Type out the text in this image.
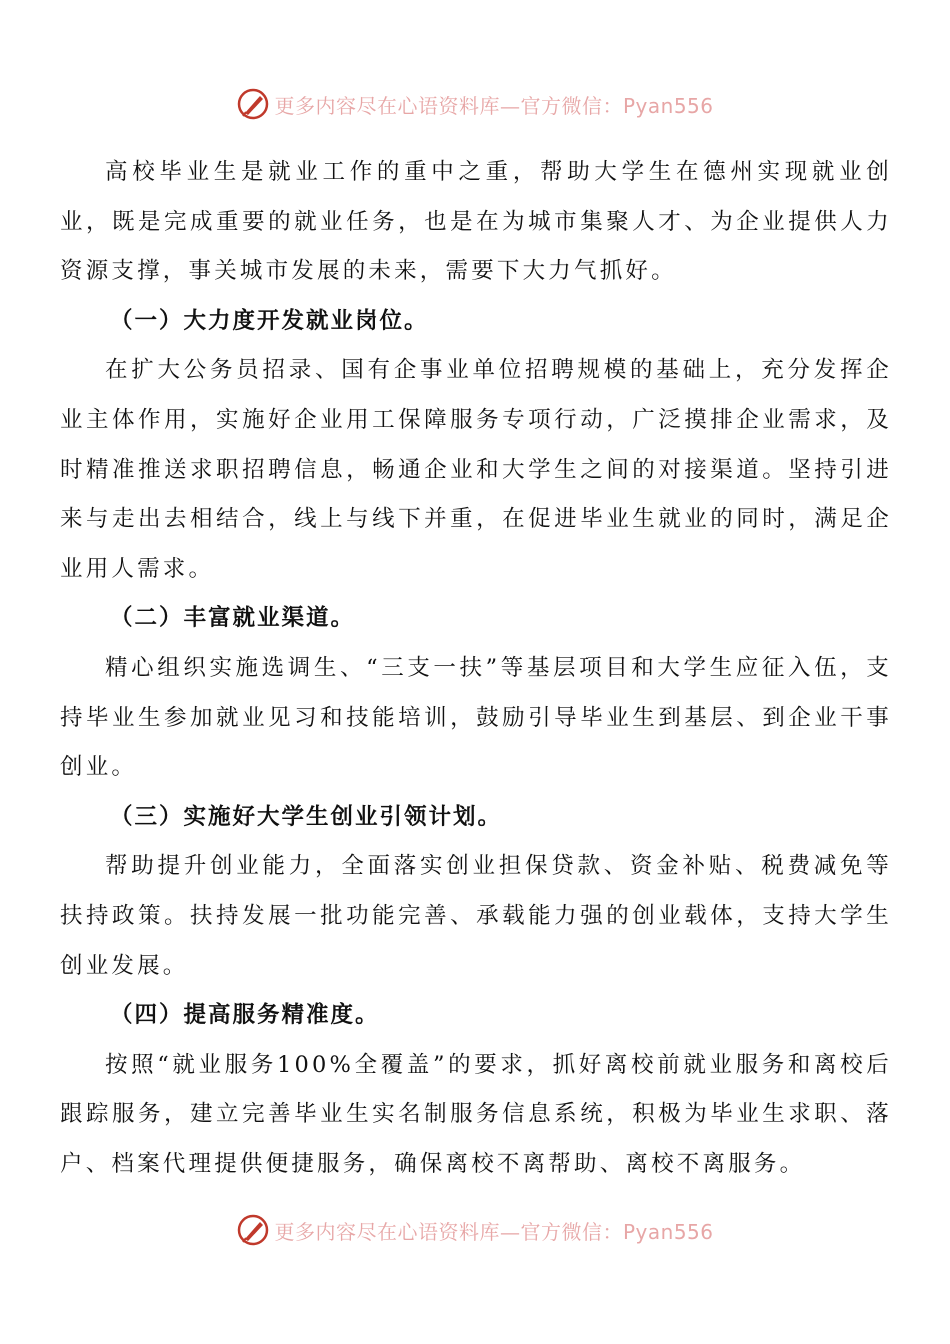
更多内容尽在心语资料库—官方微信：Pyan556

高校毕业生是就业工作的重中之重，帮助大学生在德州实现就业创业，既是完成重要的就业任务，也是在为城市集聚人才、为企业提供人力资源支撑，事关城市发展的未来，需要下大力气抓好。

（一）大力度开发就业岗位。

在扩大公务员招录、国有企事业单位招聘规模的基础上，充分发挥企业主体作用，实施好企业用工保障服务专项行动，广泛摸排企业需求，及时精准推送求职招聘信息，畅通企业和大学生之间的对接渠道。坚持引进来与走出去相结合，线上与线下并重，在促进毕业生就业的同时，满足企业用人需求。

（二）丰富就业渠道。

精心组织实施选调生、“三支一扶”等基层项目和大学生应征入伍，支持毕业生参加就业见习和技能培训，鼓励引导毕业生到基层、到企业干事创业。

（三）实施好大学生创业引领计划。

帮助提升创业能力，全面落实创业担保贷款、资金补贴、税费减免等扶持政策。扶持发展一批功能完善、承载能力强的创业载体，支持大学生创业发展。

（四）提高服务精准度。

按照“就业服务100%全覆盖”的要求，抓好离校前就业服务和离校后跟踪服务，建立完善毕业生实名制服务信息系统，积极为毕业生求职、落户、档案代理提供便捷服务，确保离校不离帮助、离校不离服务。

更多内容尽在心语资料库—官方微信：Pyan556
